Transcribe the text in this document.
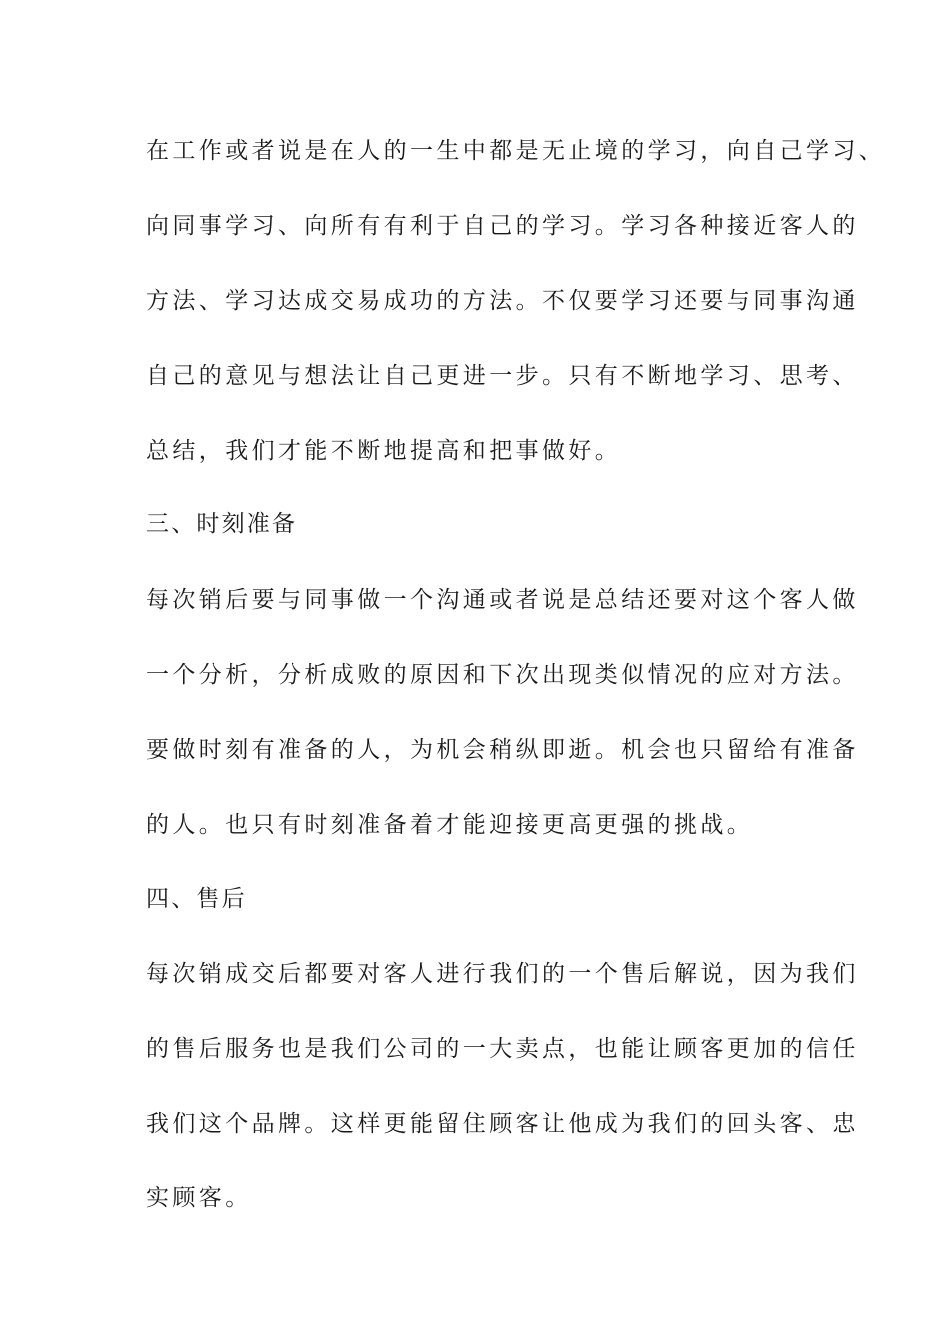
在工作或者说是在人的一生中都是无止境的学习，向自己学习、
向同事学习、向所有有利于自己的学习。学习各种接近客人的
方法、学习达成交易成功的方法。不仅要学习还要与同事沟通
自己的意见与想法让自己更进一步。只有不断地学习、思考、
总结，我们才能不断地提高和把事做好。
三、时刻准备
每次销后要与同事做一个沟通或者说是总结还要对这个客人做
一个分析，分析成败的原因和下次出现类似情况的应对方法。
要做时刻有准备的人，为机会稍纵即逝。机会也只留给有准备
的人。也只有时刻准备着才能迎接更高更强的挑战。
四、售后
每次销成交后都要对客人进行我们的一个售后解说，因为我们
的售后服务也是我们公司的一大卖点，也能让顾客更加的信任
我们这个品牌。这样更能留住顾客让他成为我们的回头客、忠
实顾客。
